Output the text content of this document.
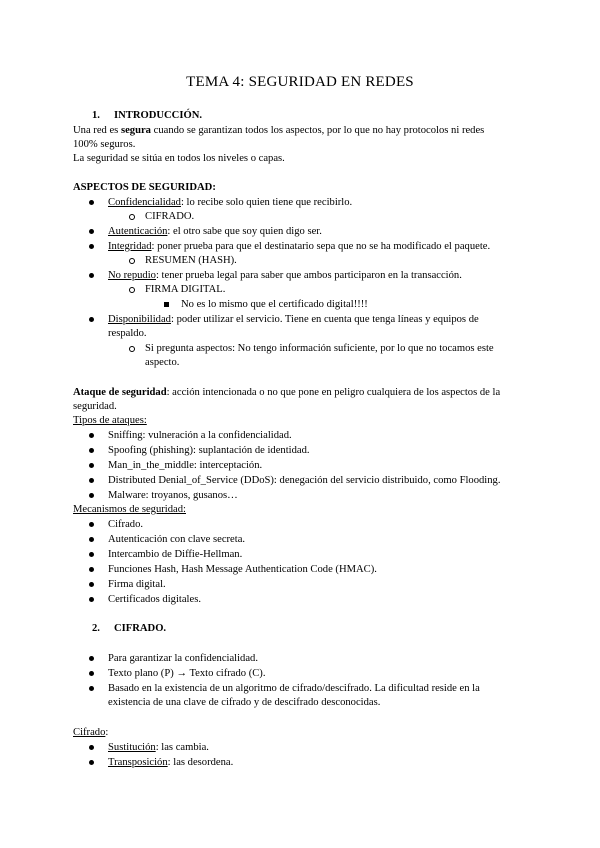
TEMA 4: SEGURIDAD EN REDES
1. INTRODUCCIÓN.
Una red es segura cuando se garantizan todos los aspectos, por lo que no hay protocolos ni redes
100% seguros.
La seguridad se sitúa en todos los niveles o capas.
ASPECTOS DE SEGURIDAD:
Confidencialidad: lo recibe solo quien tiene que recibirlo.
CIFRADO.
Autenticación: el otro sabe que soy quien digo ser.
Integridad: poner prueba para que el destinatario sepa que no se ha modificado el paquete.
RESUMEN (HASH).
No repudio: tener prueba legal para saber que ambos participaron en la transacción.
FIRMA DIGITAL.
No es lo mismo que el certificado digital!!!!
Disponibilidad: poder utilizar el servicio. Tiene en cuenta que tenga líneas y equipos de
respaldo.
Si pregunta aspectos: No tengo información suficiente, por lo que no tocamos este
aspecto.
Ataque de seguridad: acción intencionada o no que pone en peligro cualquiera de los aspectos de la
seguridad.
Tipos de ataques:
Sniffing: vulneración a la confidencialidad.
Spoofing (phishing): suplantación de identidad.
Man_in_the_middle: interceptación.
Distributed Denial_of_Service (DDoS): denegación del servicio distribuido, como Flooding.
Malware: troyanos, gusanos…
Mecanismos de seguridad:
Cifrado.
Autenticación con clave secreta.
Intercambio de Diffie-Hellman.
Funciones Hash, Hash Message Authentication Code (HMAC).
Firma digital.
Certificados digitales.
2. CIFRADO.
Para garantizar la confidencialidad.
Texto plano (P) → Texto cifrado (C).
Basado en la existencia de un algoritmo de cifrado/descifrado. La dificultad reside en la
existencia de una clave de cifrado y de descifrado desconocidas.
Cifrado:
Sustitución: las cambia.
Transposición: las desordena.
